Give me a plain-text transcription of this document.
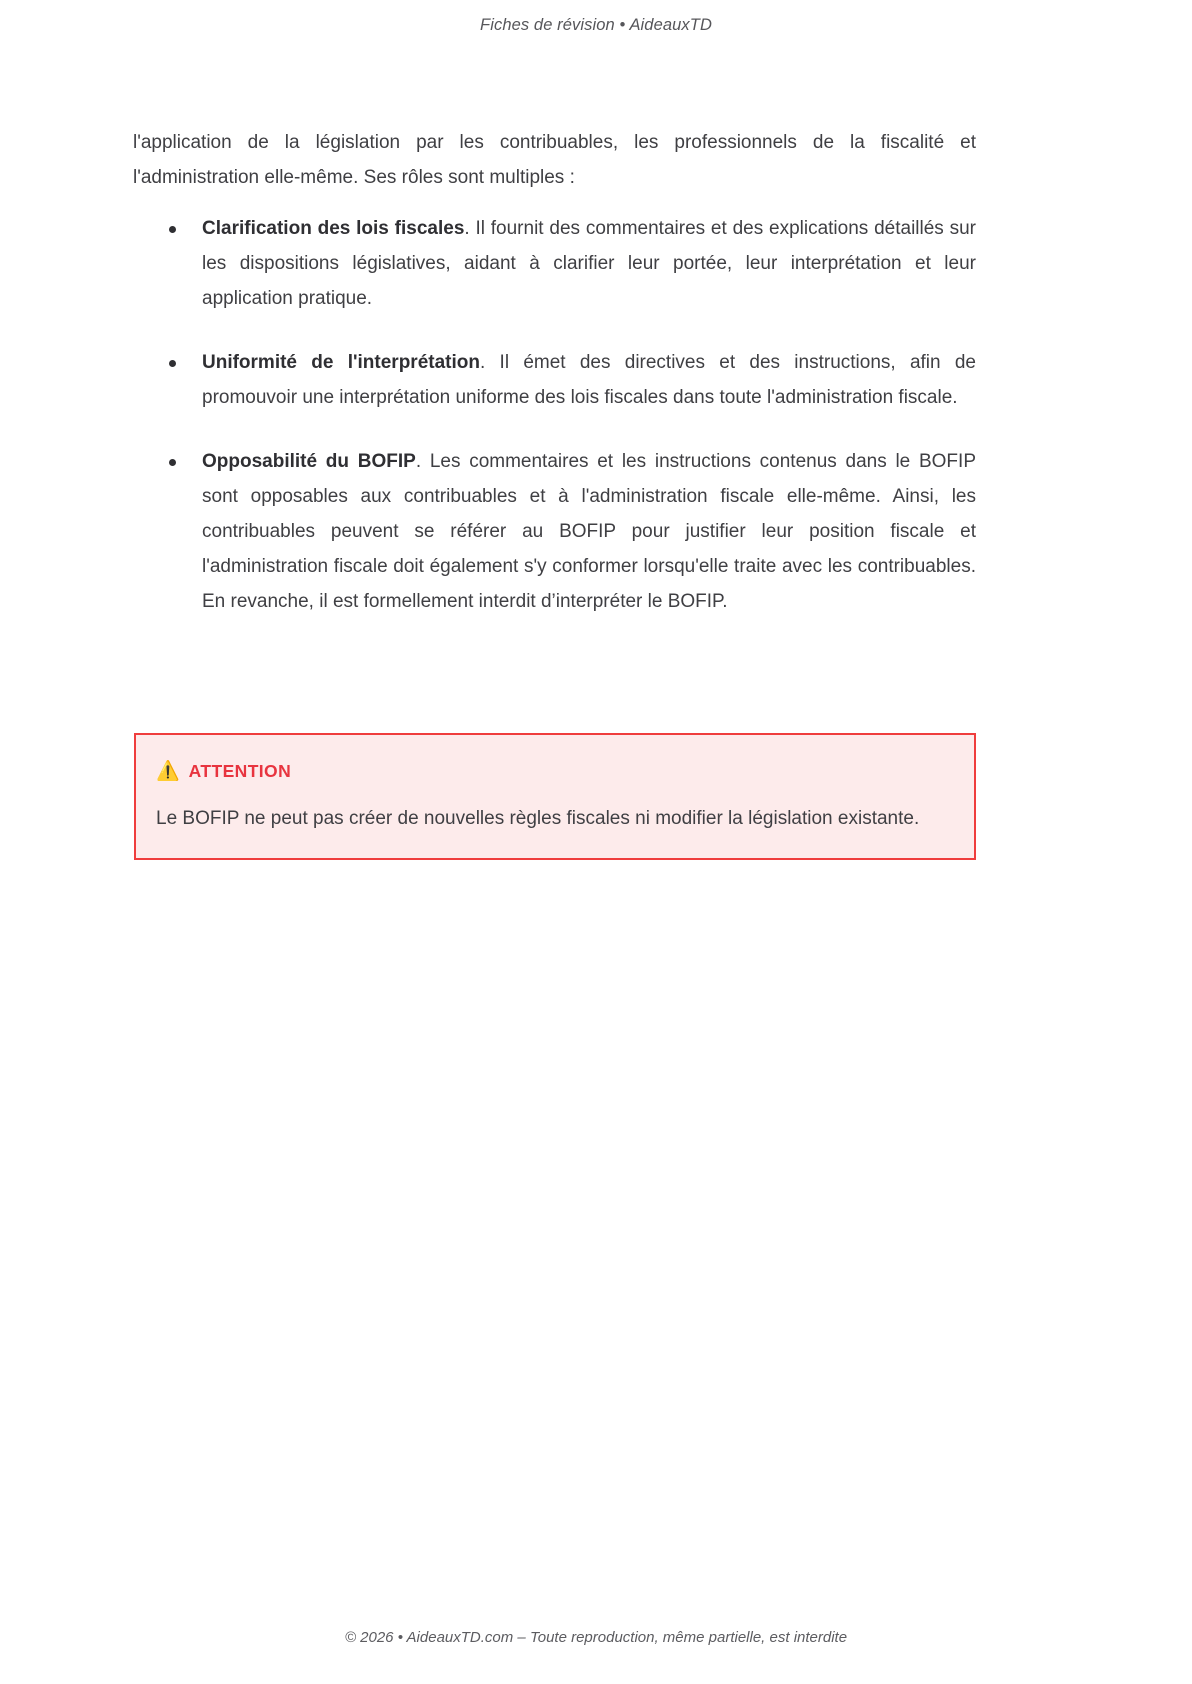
Fiches de révision • AideauxTD

l'application de la législation par les contribuables, les professionnels de la fiscalité et l'administration elle-même. Ses rôles sont multiples :

Clarification des lois fiscales. Il fournit des commentaires et des explications détaillés sur les dispositions législatives, aidant à clarifier leur portée, leur interprétation et leur application pratique.
Uniformité de l'interprétation. Il émet des directives et des instructions, afin de promouvoir une interprétation uniforme des lois fiscales dans toute l'administration fiscale.
Opposabilité du BOFIP. Les commentaires et les instructions contenus dans le BOFIP sont opposables aux contribuables et à l'administration fiscale elle-même. Ainsi, les contribuables peuvent se référer au BOFIP pour justifier leur position fiscale et l'administration fiscale doit également s'y conformer lorsqu'elle traite avec les contribuables. En revanche, il est formellement interdit d’interpréter le BOFIP.
⚠️ ATTENTION

Le BOFIP ne peut pas créer de nouvelles règles fiscales ni modifier la législation existante.

© 2026 • AideauxTD.com – Toute reproduction, même partielle, est interdite
